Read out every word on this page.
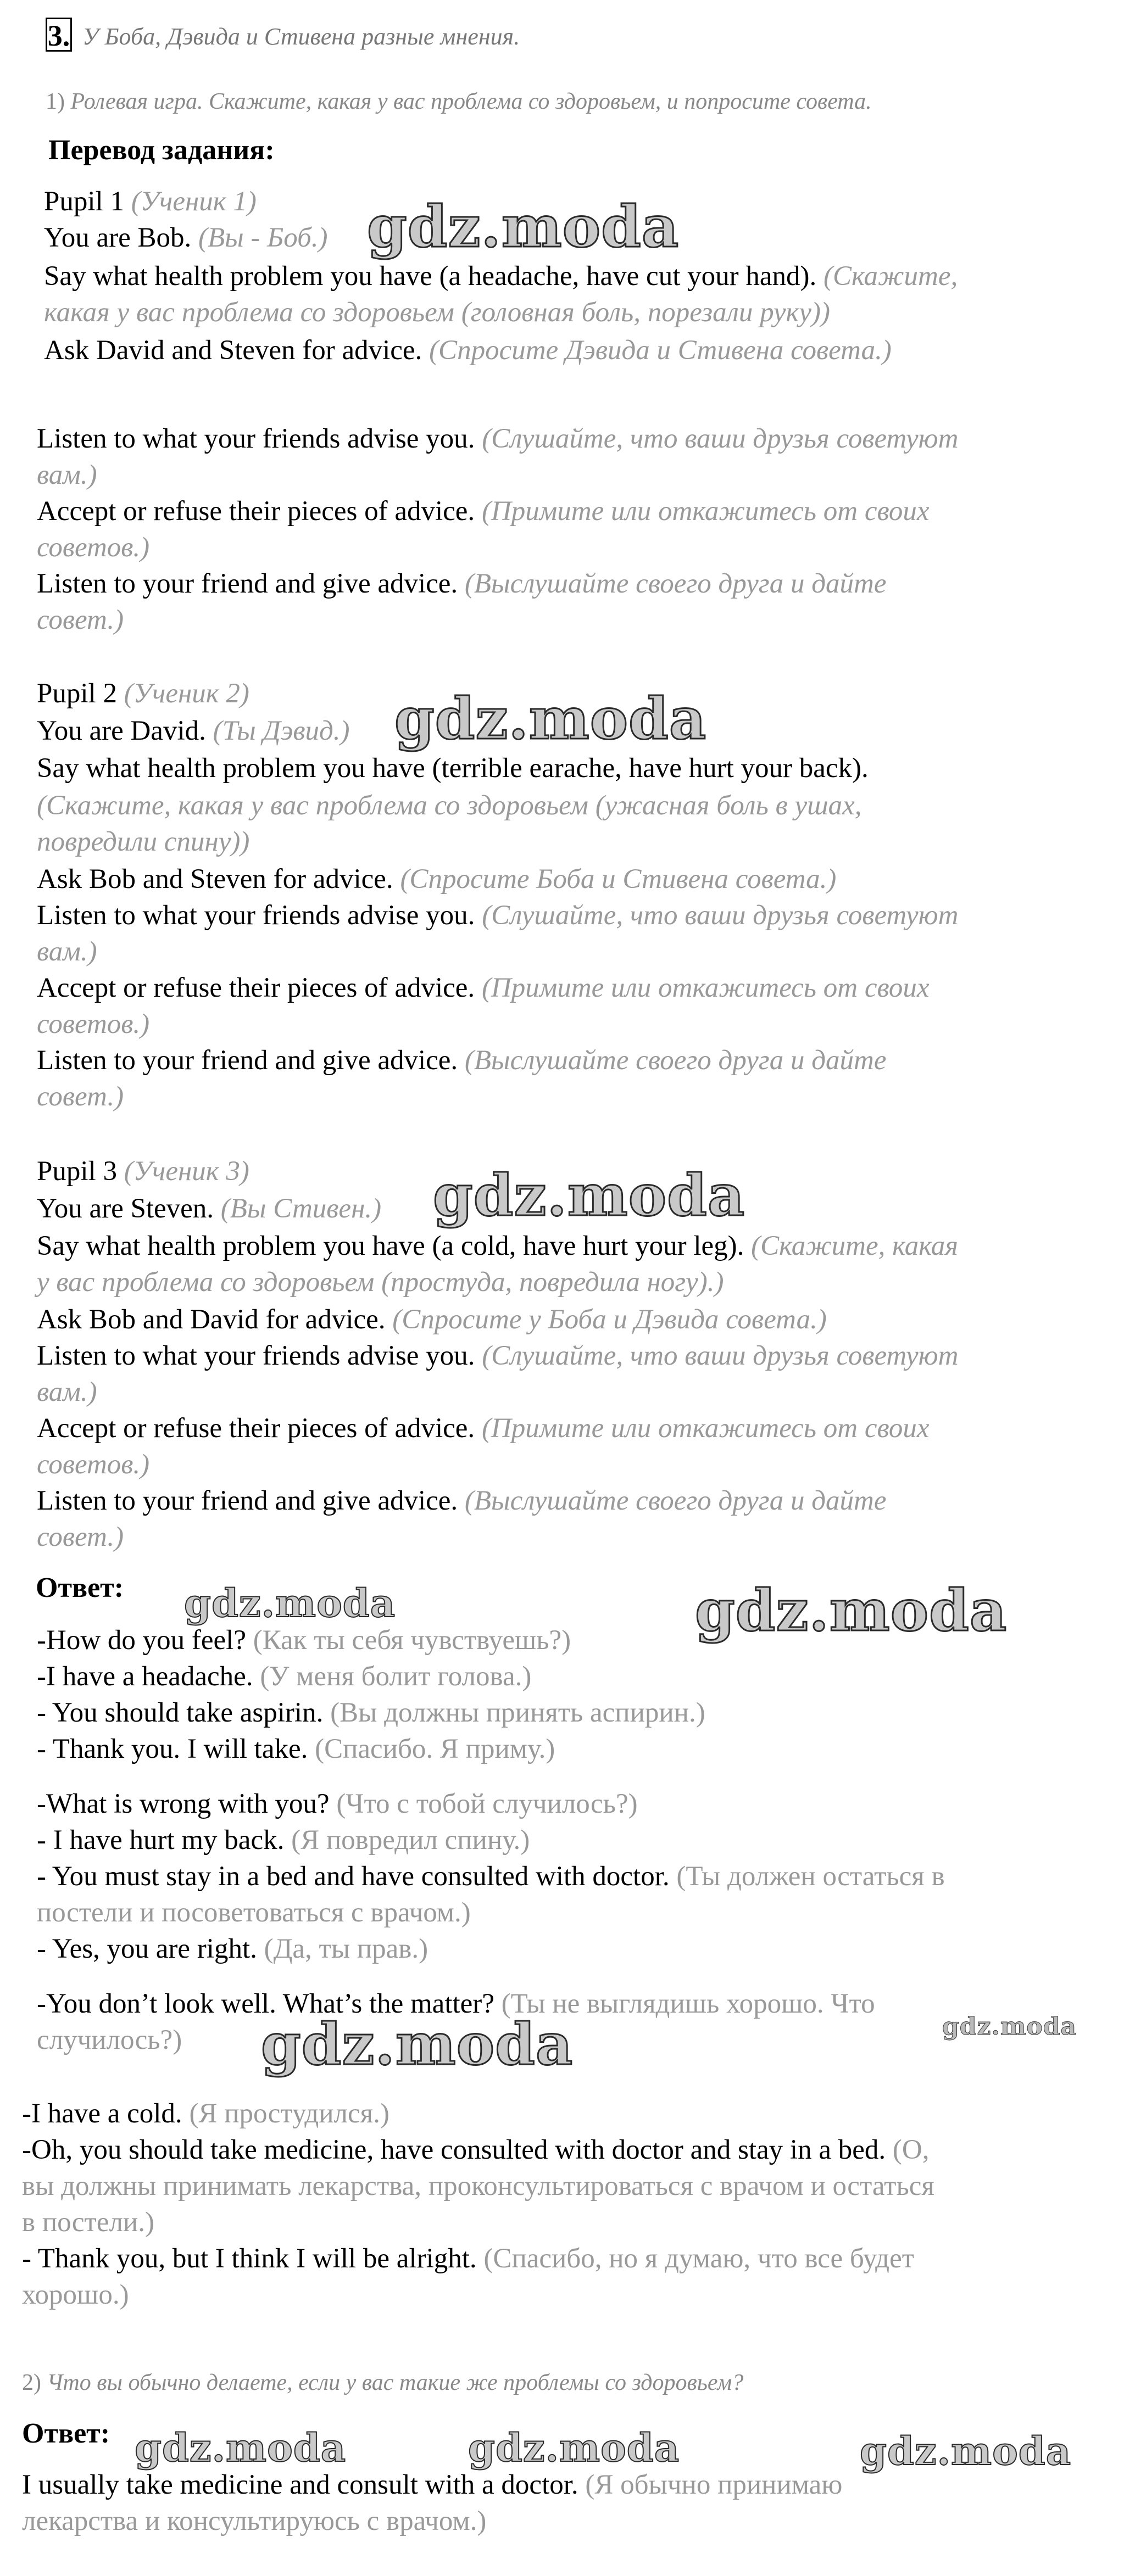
3. У Боба, Дэвида и Стивена разные мнения.
1) Ролевая игра. Скажите, какая у вас проблема со здоровьем, и попросите совета.
Перевод задания:
Pupil 1 (Ученик 1)
You are Bob. (Вы - Боб.)
Say what health problem you have (a headache, have cut your hand). (Скажите,
какая у вас проблема со здоровьем (головная боль, порезали руку))
Ask David and Steven for advice. (Спросите Дэвида и Стивена совета.)
Listen to what your friends advise you. (Слушайте, что ваши друзья советуют
вам.)
Accept or refuse their pieces of advice. (Примите или откажитесь от своих
советов.)
Listen to your friend and give advice. (Выслушайте своего друга и дайте
совет.)
Pupil 2 (Ученик 2)
You are David. (Ты Дэвид.)
Say what health problem you have (terrible earache, have hurt your back).
(Скажите, какая у вас проблема со здоровьем (ужасная боль в ушах,
повредили спину))
Ask Bob and Steven for advice. (Спросите Боба и Стивена совета.)
Listen to what your friends advise you. (Слушайте, что ваши друзья советуют
вам.)
Accept or refuse their pieces of advice. (Примите или откажитесь от своих
советов.)
Listen to your friend and give advice. (Выслушайте своего друга и дайте
совет.)
Pupil 3 (Ученик 3)
You are Steven. (Вы Стивен.)
Say what health problem you have (a cold, have hurt your leg). (Скажите, какая
у вас проблема со здоровьем (простуда, повредила ногу).)
Ask Bob and David for advice. (Спросите у Боба и Дэвида совета.)
Listen to what your friends advise you. (Слушайте, что ваши друзья советуют
вам.)
Accept or refuse their pieces of advice. (Примите или откажитесь от своих
советов.)
Listen to your friend and give advice. (Выслушайте своего друга и дайте
совет.)
Ответ:
-How do you feel? (Как ты себя чувствуешь?)
-I have a headache. (У меня болит голова.)
- You should take aspirin. (Вы должны принять аспирин.)
- Thank you. I will take. (Спасибо. Я приму.)
-What is wrong with you? (Что с тобой случилось?)
- I have hurt my back. (Я повредил спину.)
- You must stay in a bed and have consulted with doctor. (Ты должен остаться в
постели и посоветоваться с врачом.)
- Yes, you are right. (Да, ты прав.)
-You don’t look well. What’s the matter? (Ты не выглядишь хорошо. Что
случилось?)
-I have a cold. (Я простудился.)
-Oh, you should take medicine, have consulted with doctor and stay in a bed. (О,
вы должны принимать лекарства, проконсультироваться с врачом и остаться
в постели.)
- Thank you, but I think I will be alright. (Спасибо, но я думаю, что все будет
хорошо.)
2) Что вы обычно делаете, если у вас такие же проблемы со здоровьем?
Ответ:
I usually take medicine and consult with a doctor. (Я обычно принимаю
лекарства и консультируюсь с врачом.)
gdz.moda
gdz.moda
gdz.moda
gdz.moda	gdz.moda
gdz.moda	gdz.moda
gdz.moda	gdz.moda	gdz.moda
